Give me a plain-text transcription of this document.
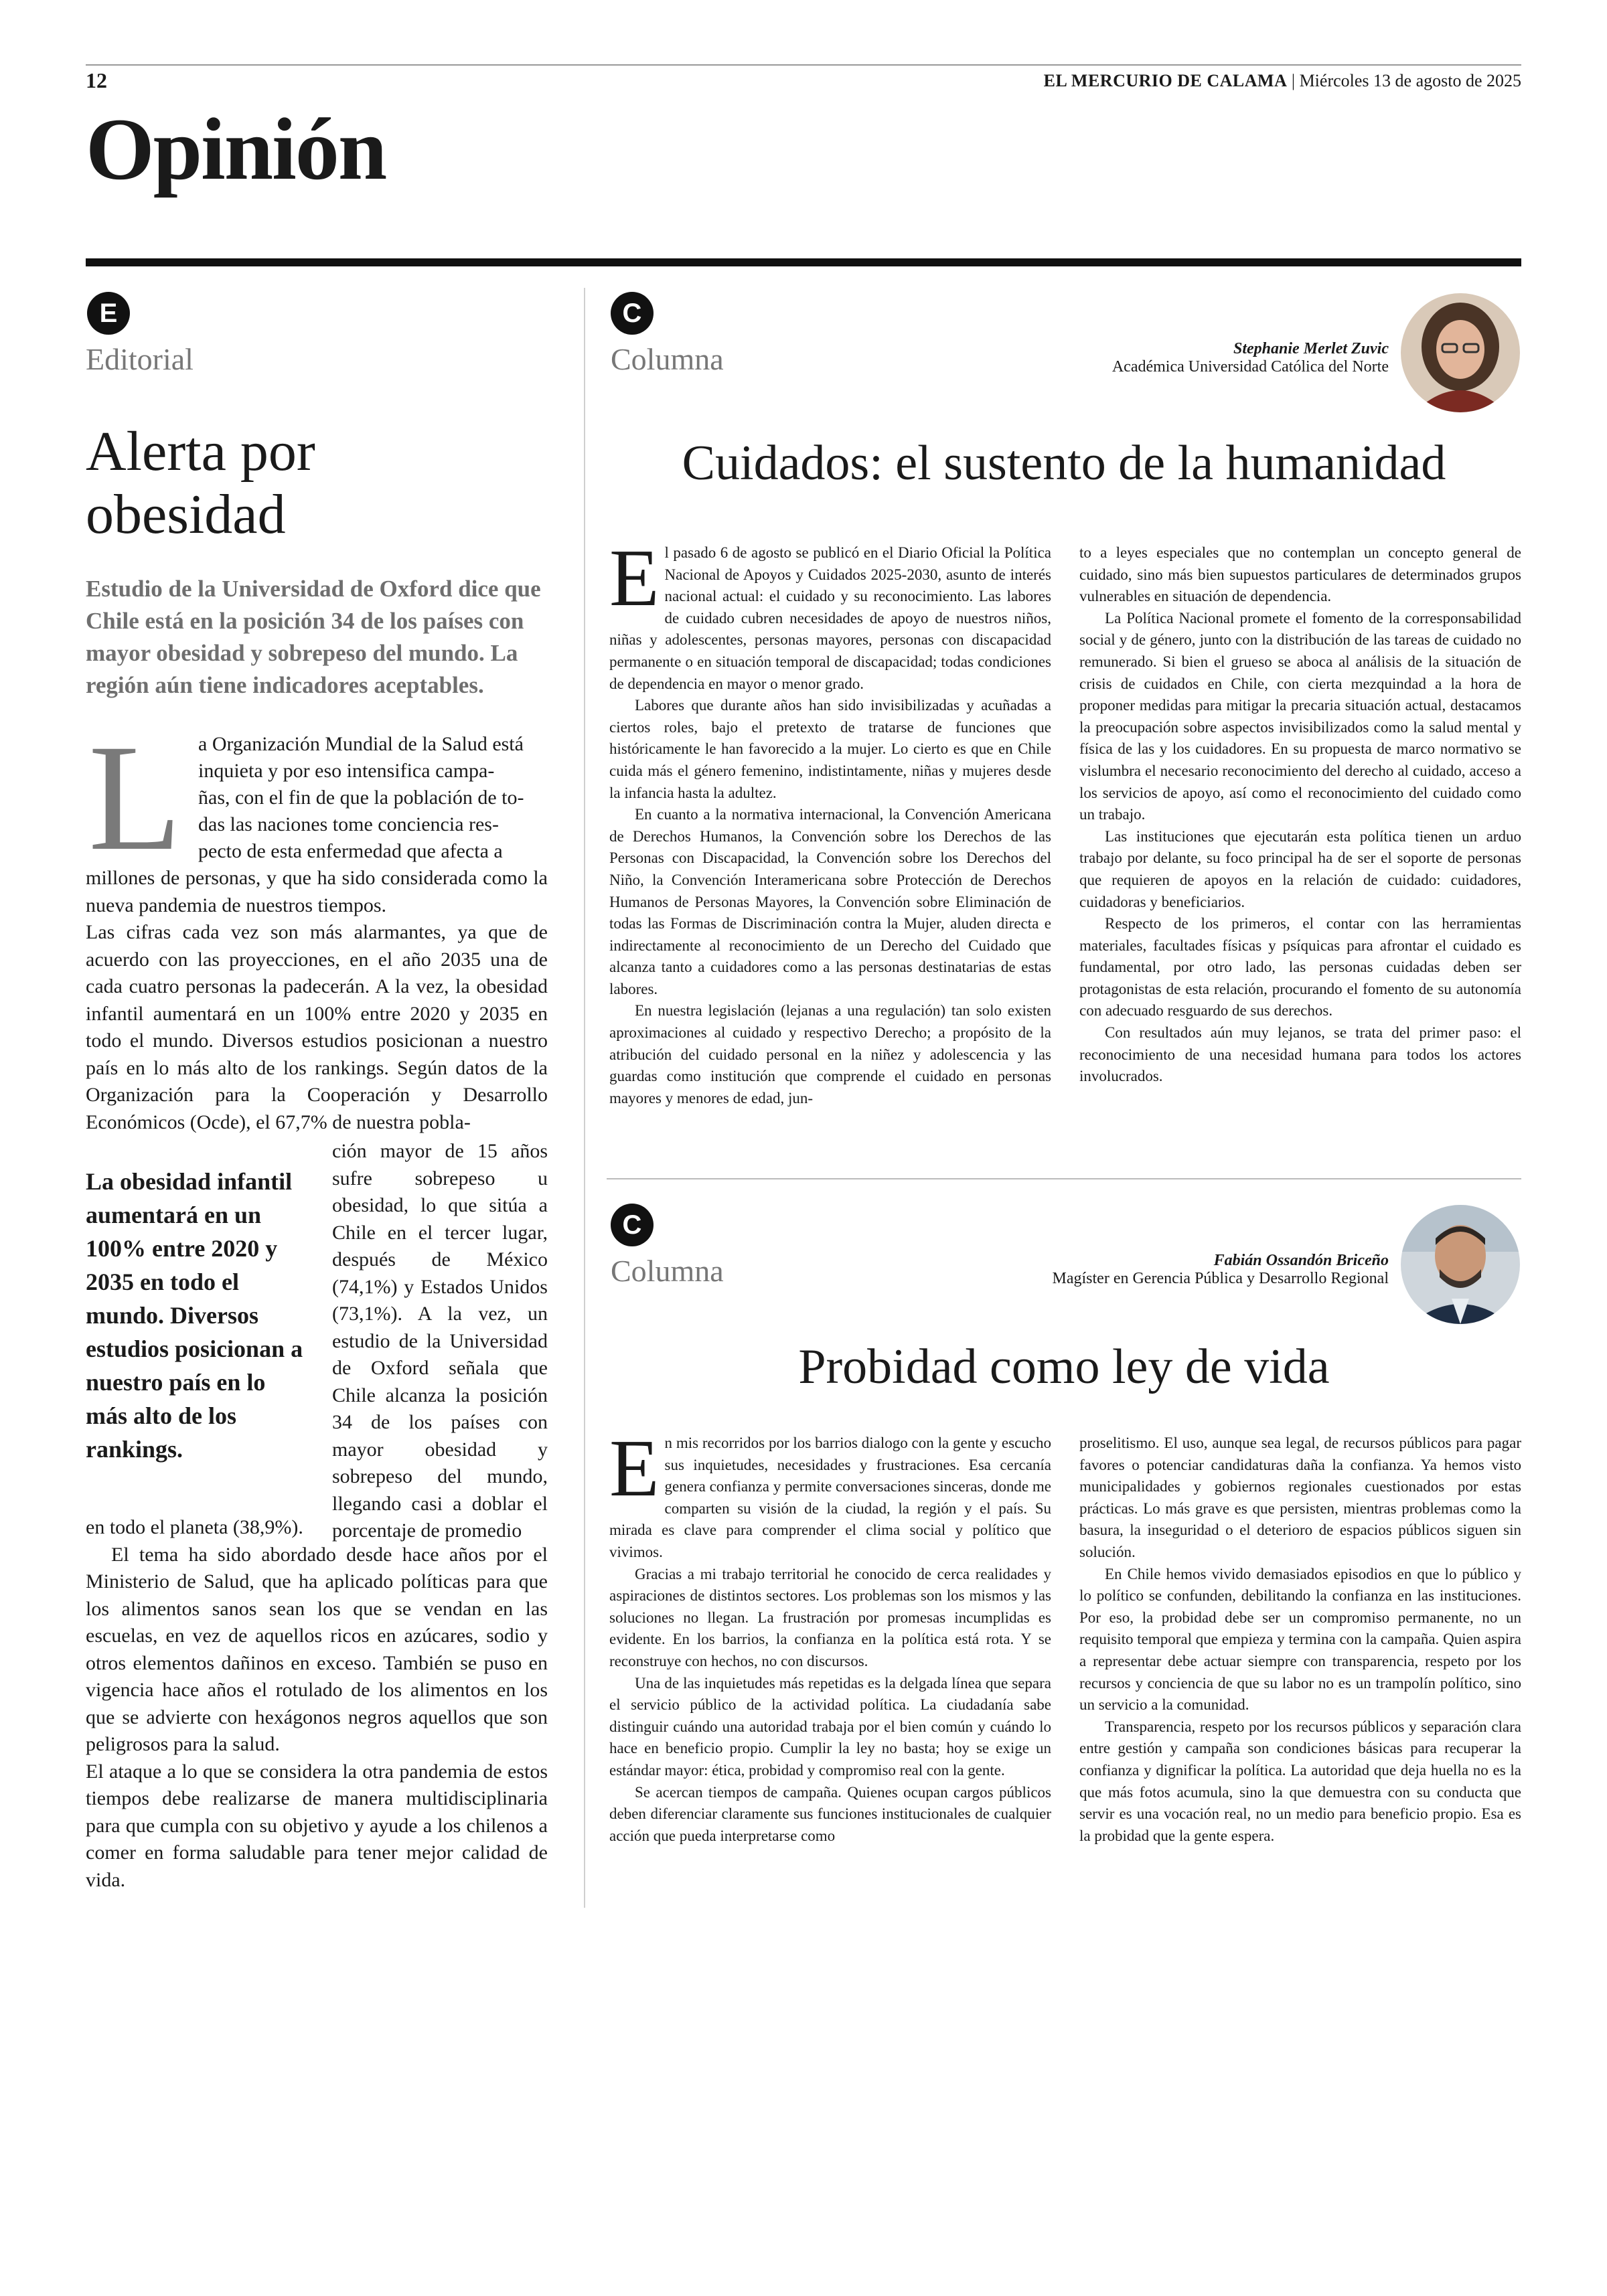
12	EL MERCURIO DE CALAMA | Miércoles 13 de agosto de 2025
Opinión
E
Editorial
Alerta por
obesidad
Estudio de la Universidad de Oxford dice que Chile está en la posición 34 de los países con mayor obesidad y sobrepeso del mundo. La región aún tiene indicadores aceptables.
L a Organización Mundial de la Salud está
inquieta y por eso intensifica campa-
ñas, con el fin de que la población de to-
das las naciones tome conciencia res-
pecto de esta enfermedad que afecta a

millones de personas, y que ha sido considerada como la nueva pandemia de nuestros tiempos.

Las cifras cada vez son más alarmantes, ya que de acuerdo con las proyecciones, en el año 2035 una de cada cuatro personas la padecerán. A la vez, la obesidad infantil aumentará en un 100% entre 2020 y 2035 en todo el mundo. Diversos estudios posicionan a nuestro país en lo más alto de los rankings. Según datos de la Organización para la Cooperación y Desarrollo Económicos (Ocde), el 67,7% de nuestra pobla-

La obesidad infantil aumentará en un 100% entre 2020 y 2035 en todo el mundo. Diversos estudios posicionan a nuestro país en lo más alto de los rankings.
ción mayor de 15 años sufre sobrepeso u obesidad, lo que sitúa a Chile en el tercer lugar, después de México (74,1%) y Estados Unidos (73,1%). A la vez, un estudio de la Universidad de Oxford señala que Chile alcanza la posición 34 de los países con mayor obesidad y sobrepeso del mundo, llegando casi a doblar el porcentaje de promedio

en todo el planeta (38,9%).

El tema ha sido abordado desde hace años por el Ministerio de Salud, que ha aplicado políticas para que los alimentos sanos sean los que se vendan en las escuelas, en vez de aquellos ricos en azúcares, sodio y otros elementos dañinos en exceso. También se puso en vigencia hace años el rotulado de los alimentos en los que se advierte con hexágonos negros aquellos que son peligrosos para la salud.

El ataque a lo que se considera la otra pandemia de estos tiempos debe realizarse de manera multidisciplinaria para que cumpla con su objetivo y ayude a los chilenos a comer en forma saludable para tener mejor calidad de vida.

C
Columna	Stephanie Merlet Zuvic
Académica Universidad Católica del Norte
Cuidados: el sustento de la humanidad
E l pasado 6 de agosto se publicó en el Diario Oficial la Política Nacional de Apoyos y Cuidados 2025-2030, asunto de interés nacional actual: el cuidado y su reconocimiento. Las labores de cuidado cubren necesidades de apoyo de nuestros niños, niñas y adolescentes, personas mayores, personas con discapacidad permanente o en situación temporal de discapacidad; todas condiciones de dependencia en mayor o menor grado.

Labores que durante años han sido invisibilizadas y acuñadas a ciertos roles, bajo el pretexto de tratarse de funciones que históricamente le han favorecido a la mujer. Lo cierto es que en Chile cuida más el género femenino, indistintamente, niñas y mujeres desde la infancia hasta la adultez.

En cuanto a la normativa internacional, la Convención Americana de Derechos Humanos, la Convención sobre los Derechos de las Personas con Discapacidad, la Convención sobre los Derechos del Niño, la Convención Interamericana sobre Protección de Derechos Humanos de Personas Mayores, la Convención sobre Eliminación de todas las Formas de Discriminación contra la Mujer, aluden directa e indirectamente al reconocimiento de un Derecho del Cuidado que alcanza tanto a cuidadores como a las personas destinatarias de estas labores.

En nuestra legislación (lejanas a una regulación) tan solo existen aproximaciones al cuidado y respectivo Derecho; a propósito de la atribución del cuidado personal en la niñez y adolescencia y las guardas como institución que comprende el cuidado en personas mayores y menores de edad, jun-

to a leyes especiales que no contemplan un concepto general de cuidado, sino más bien supuestos particulares de determinados grupos vulnerables en situación de dependencia.

La Política Nacional promete el fomento de la corresponsabilidad social y de género, junto con la distribución de las tareas de cuidado no remunerado. Si bien el grueso se aboca al análisis de la situación de crisis de cuidados en Chile, con cierta mezquindad a la hora de proponer medidas para mitigar la precaria situación actual, destacamos la preocupación sobre aspectos invisibilizados como la salud mental y física de las y los cuidadores. En su propuesta de marco normativo se vislumbra el necesario reconocimiento del derecho al cuidado, acceso a los servicios de apoyo, así como el reconocimiento del cuidado como un trabajo.

Las instituciones que ejecutarán esta política tienen un arduo trabajo por delante, su foco principal ha de ser el soporte de personas que requieren de apoyos en la relación de cuidado: cuidadores, cuidadoras y beneficiarios.

Respecto de los primeros, el contar con las herramientas materiales, facultades físicas y psíquicas para afrontar el cuidado es fundamental, por otro lado, las personas cuidadas deben ser protagonistas de esta relación, procurando el fomento de su autonomía con adecuado resguardo de sus derechos.

Con resultados aún muy lejanos, se trata del primer paso: el reconocimiento de una necesidad humana para todos los actores involucrados.

C
Columna	Fabián Ossandón Briceño
Magíster en Gerencia Pública y Desarrollo Regional
Probidad como ley de vida
E n mis recorridos por los barrios dialogo con la gente y escucho sus inquietudes, necesidades y frustraciones. Esa cercanía genera confianza y permite conversaciones sinceras, donde me comparten su visión de la ciudad, la región y el país. Su mirada es clave para comprender el clima social y político que vivimos.

Gracias a mi trabajo territorial he conocido de cerca realidades y aspiraciones de distintos sectores. Los problemas son los mismos y las soluciones no llegan. La frustración por promesas incumplidas es evidente. En los barrios, la confianza en la política está rota. Y se reconstruye con hechos, no con discursos.

Una de las inquietudes más repetidas es la delgada línea que separa el servicio público de la actividad política. La ciudadanía sabe distinguir cuándo una autoridad trabaja por el bien común y cuándo lo hace en beneficio propio. Cumplir la ley no basta; hoy se exige un estándar mayor: ética, probidad y compromiso real con la gente.

Se acercan tiempos de campaña. Quienes ocupan cargos públicos deben diferenciar claramente sus funciones institucionales de cualquier acción que pueda interpretarse como

proselitismo. El uso, aunque sea legal, de recursos públicos para pagar favores o potenciar candidaturas daña la confianza. Ya hemos visto municipalidades y gobiernos regionales cuestionados por estas prácticas. Lo más grave es que persisten, mientras problemas como la basura, la inseguridad o el deterioro de espacios públicos siguen sin solución.

En Chile hemos vivido demasiados episodios en que lo público y lo político se confunden, debilitando la confianza en las instituciones. Por eso, la probidad debe ser un compromiso permanente, no un requisito temporal que empieza y termina con la campaña. Quien aspira a representar debe actuar siempre con transparencia, respeto por los recursos y conciencia de que su labor no es un trampolín político, sino un servicio a la comunidad.

Transparencia, respeto por los recursos públicos y separación clara entre gestión y campaña son condiciones básicas para recuperar la confianza y dignificar la política. La autoridad que deja huella no es la que más fotos acumula, sino la que demuestra con su conducta que servir es una vocación real, no un medio para beneficio propio. Esa es la probidad que la gente espera.
